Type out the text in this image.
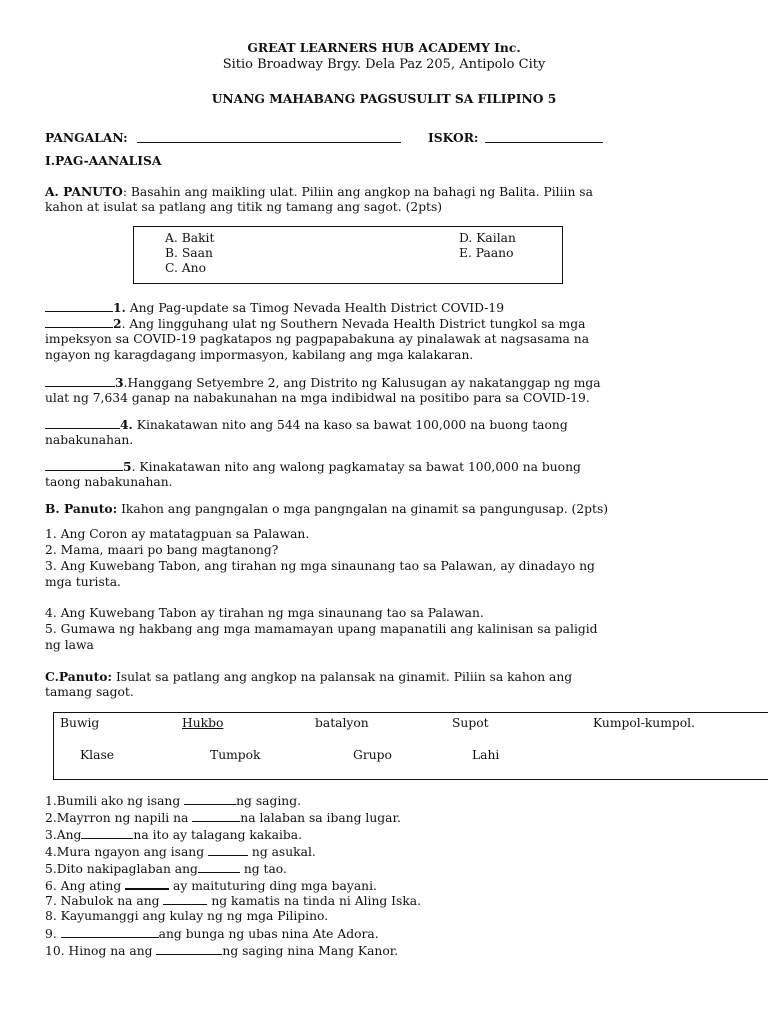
GREAT LEARNERS HUB ACADEMY Inc.
Sitio Broadway Brgy. Dela Paz 205, Antipolo City
UNANG MAHABANG PAGSUSULIT SA FILIPINO 5
PANGALAN:	ISKOR:
I.PAG-AANALISA
A. PANUTO: Basahin ang maikling ulat. Piliin ang angkop na bahagi ng Balita. Piliin sa
kahon at isulat sa patlang ang titik ng tamang ang sagot. (2pts)
A. Bakit
B. Saan
C. Ano
D. Kailan
E. Paano
1. Ang Pag-update sa Timog Nevada Health District COVID-19
2. Ang lingguhang ulat ng Southern Nevada Health District tungkol sa mga
impeksyon sa COVID-19 pagkatapos ng pagpapabakuna ay pinalawak at nagsasama na
ngayon ng karagdagang impormasyon, kabilang ang mga kalakaran.
3.Hanggang Setyembre 2, ang Distrito ng Kalusugan ay nakatanggap ng mga
ulat ng 7,634 ganap na nabakunahan na mga indibidwal na positibo para sa COVID-19.
4. Kinakatawan nito ang 544 na kaso sa bawat 100,000 na buong taong
nabakunahan.
5. Kinakatawan nito ang walong pagkamatay sa bawat 100,000 na buong
taong nabakunahan.
B. Panuto: Ikahon ang pangngalan o mga pangngalan na ginamit sa pangungusap. (2pts)
1. Ang Coron ay matatagpuan sa Palawan.
2. Mama, maari po bang magtanong?
3. Ang Kuwebang Tabon, ang tirahan ng mga sinaunang tao sa Palawan, ay dinadayo ng
mga turista.
4. Ang Kuwebang Tabon ay tirahan ng mga sinaunang tao sa Palawan.
5. Gumawa ng hakbang ang mga mamamayan upang mapanatili ang kalinisan sa paligid
ng lawa
C.Panuto: Isulat sa patlang ang angkop na palansak na ginamit. Piliin sa kahon ang
tamang sagot.
Buwig	Hukbo	batalyon	Supot	Kumpol-kumpol.
Klase	Tumpok	Grupo	Lahi
1.Bumili ako ng isang	ng saging.
2.Mayrron ng napili na	na lalaban sa ibang lugar.
3.Ang	na ito ay talagang kakaiba.
4.Mura ngayon ang isang	ng asukal.
5.Dito nakipaglaban ang	ng tao.
6. Ang ating	ay maituturing ding mga bayani.
7. Nabulok na ang	ng kamatis na tinda ni Aling Iska.
8. Kayumanggi ang kulay ng ng mga Pilipino.
9.	ang bunga ng ubas nina Ate Adora.
10. Hinog na ang	ng saging nina Mang Kanor.
